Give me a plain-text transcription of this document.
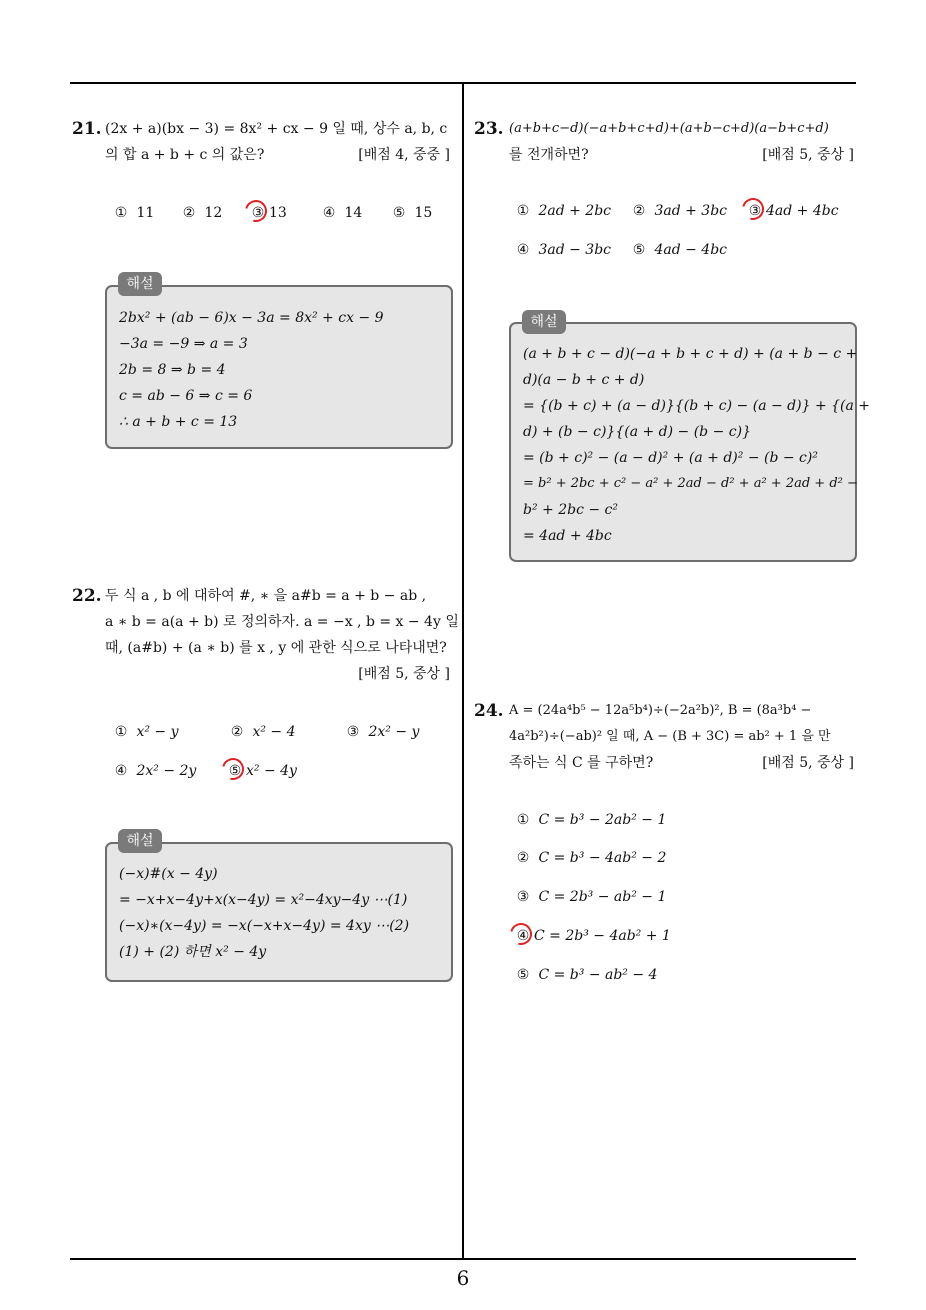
6
21. (2x + a)(bx − 3) = 8x² + cx − 9 일 때, 상수 a, b, c
의 합 a + b + c 의 값은?	[배점 4, 중중 ]
① 11	② 12	③ 13	④ 14	⑤ 15
2bx² + (ab − 6)x − 3a = 8x² + cx − 9
−3a = −9 ⇒ a = 3
2b = 8 ⇒ b = 4
c = ab − 6 ⇒ c = 6
∴ a + b + c = 13
해설
22. 두 식 a , b 에 대하여 #, ∗ 을 a#b = a + b − ab ,
a ∗ b = a(a + b) 로 정의하자. a = −x , b = x − 4y 일
때, (a#b) + (a ∗ b) 를 x , y 에 관한 식으로 나타내면?
[배점 5, 중상 ]
① x² − y	② x² − 4	③ 2x² − y
④ 2x² − 2y	⑤ x² − 4y
(−x)#(x − 4y)
= −x+x−4y+x(x−4y) = x²−4xy−4y ⋯(1)
(−x)∗(x−4y) = −x(−x+x−4y) = 4xy ⋯(2)
(1) + (2) 하면 x² − 4y
해설
23. (a+b+c−d)(−a+b+c+d)+(a+b−c+d)(a−b+c+d)
를 전개하면?	[배점 5, 중상 ]
① 2ad + 2bc	② 3ad + 3bc	③ 4ad + 4bc
④ 3ad − 3bc	⑤ 4ad − 4bc
(a + b + c − d)(−a + b + c + d) + (a + b − c +
d)(a − b + c + d)
= {(b + c) + (a − d)}{(b + c) − (a − d)} + {(a +
d) + (b − c)}{(a + d) − (b − c)}
= (b + c)² − (a − d)² + (a + d)² − (b − c)²
= b² + 2bc + c² − a² + 2ad − d² + a² + 2ad + d² −
b² + 2bc − c²
= 4ad + 4bc
해설
24. A = (24a⁴b⁵ − 12a⁵b⁴)÷(−2a²b)², B = (8a³b⁴ −
4a²b²)÷(−ab)² 일 때, A − (B + 3C) = ab² + 1 을 만
족하는 식 C 를 구하면?	[배점 5, 중상 ]
① C = b³ − 2ab² − 1
② C = b³ − 4ab² − 2
③ C = 2b³ − ab² − 1
④ C = 2b³ − 4ab² + 1
⑤ C = b³ − ab² − 4
